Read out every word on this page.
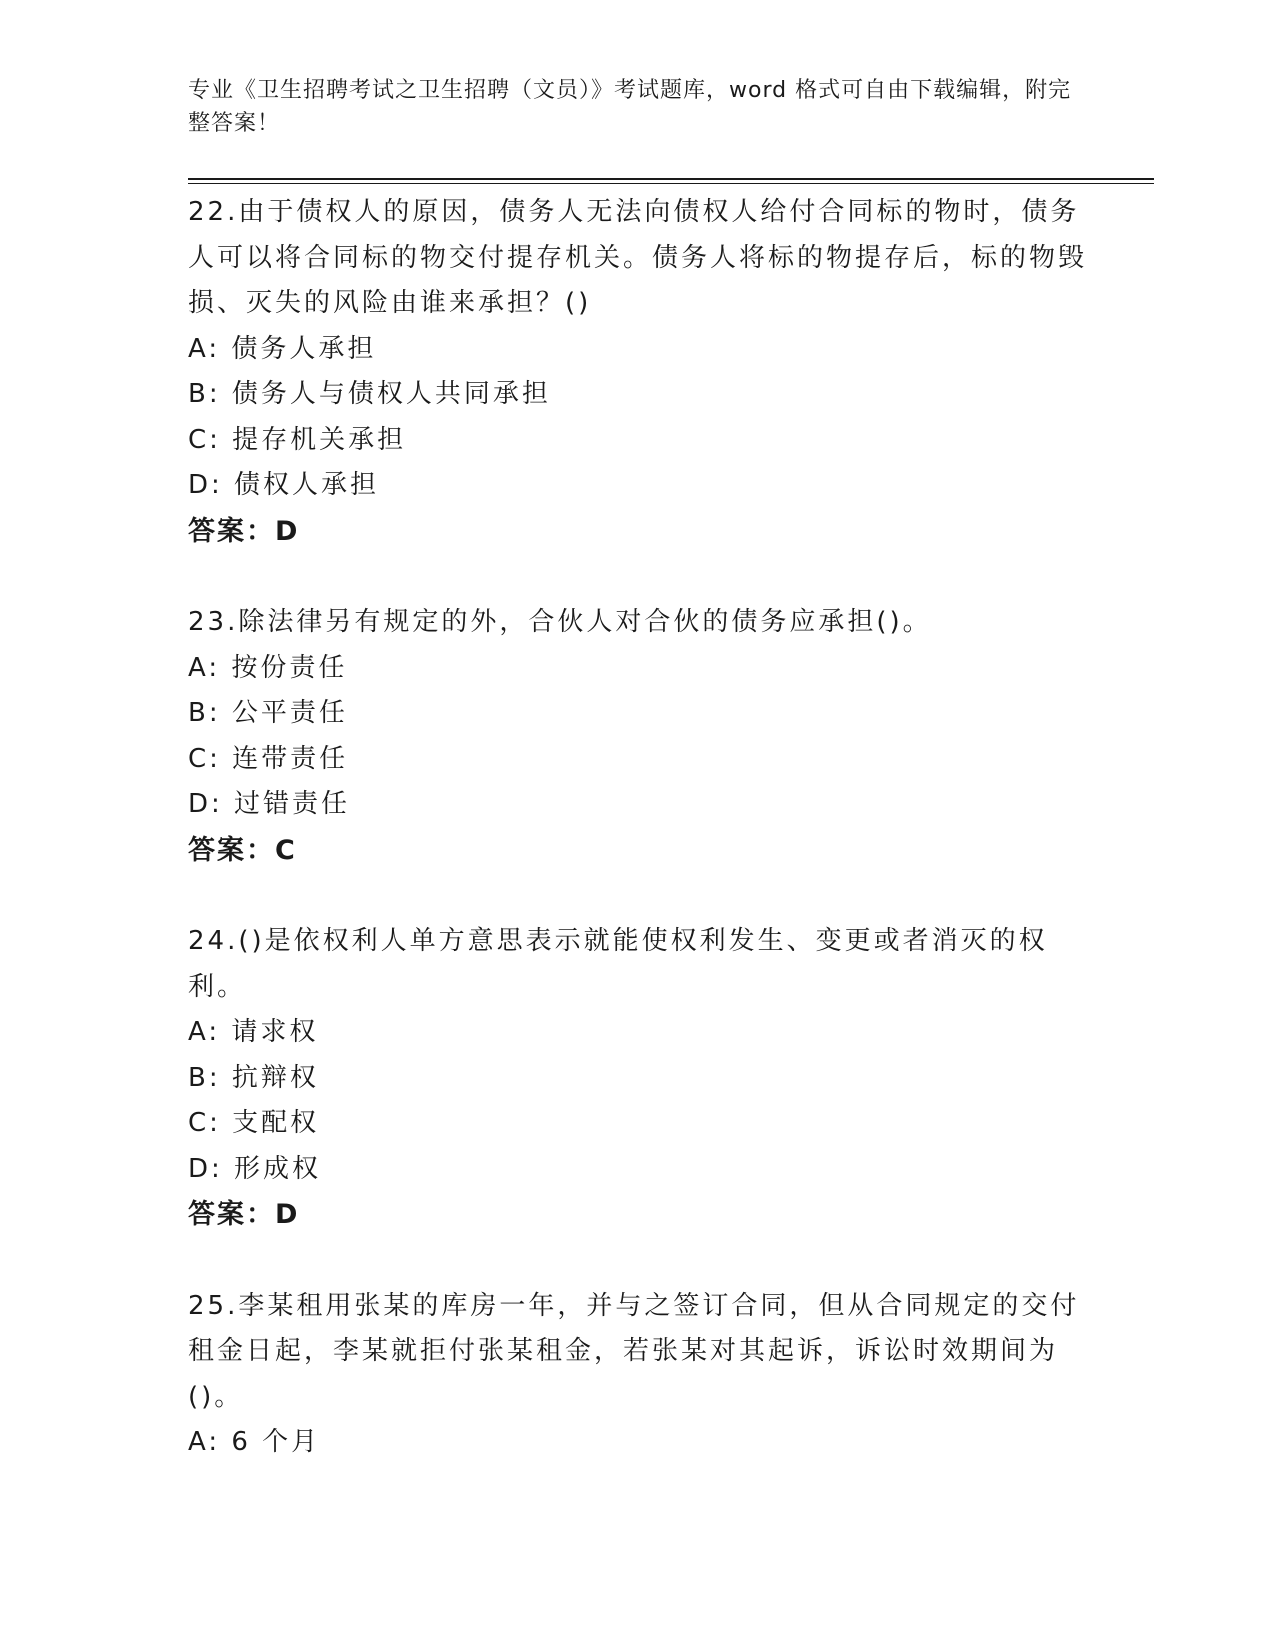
专业《卫生招聘考试之卫生招聘（文员）》考试题库，word 格式可自由下载编辑，附完整答案！

22.由于债权人的原因，债务人无法向债权人给付合同标的物时，债务人可以将合同标的物交付提存机关。债务人将标的物提存后，标的物毁损、灭失的风险由谁来承担？()

A: 债务人承担

B: 债务人与债权人共同承担

C: 提存机关承担

D: 债权人承担

答案：D

23.除法律另有规定的外，合伙人对合伙的债务应承担()。

A: 按份责任

B: 公平责任

C: 连带责任

D: 过错责任

答案：C

24.()是依权利人单方意思表示就能使权利发生、变更或者消灭的权利。

A: 请求权

B: 抗辩权

C: 支配权

D: 形成权

答案：D

25.李某租用张某的库房一年，并与之签订合同，但从合同规定的交付租金日起，李某就拒付张某租金，若张某对其起诉，诉讼时效期间为()。

A: 6 个月
